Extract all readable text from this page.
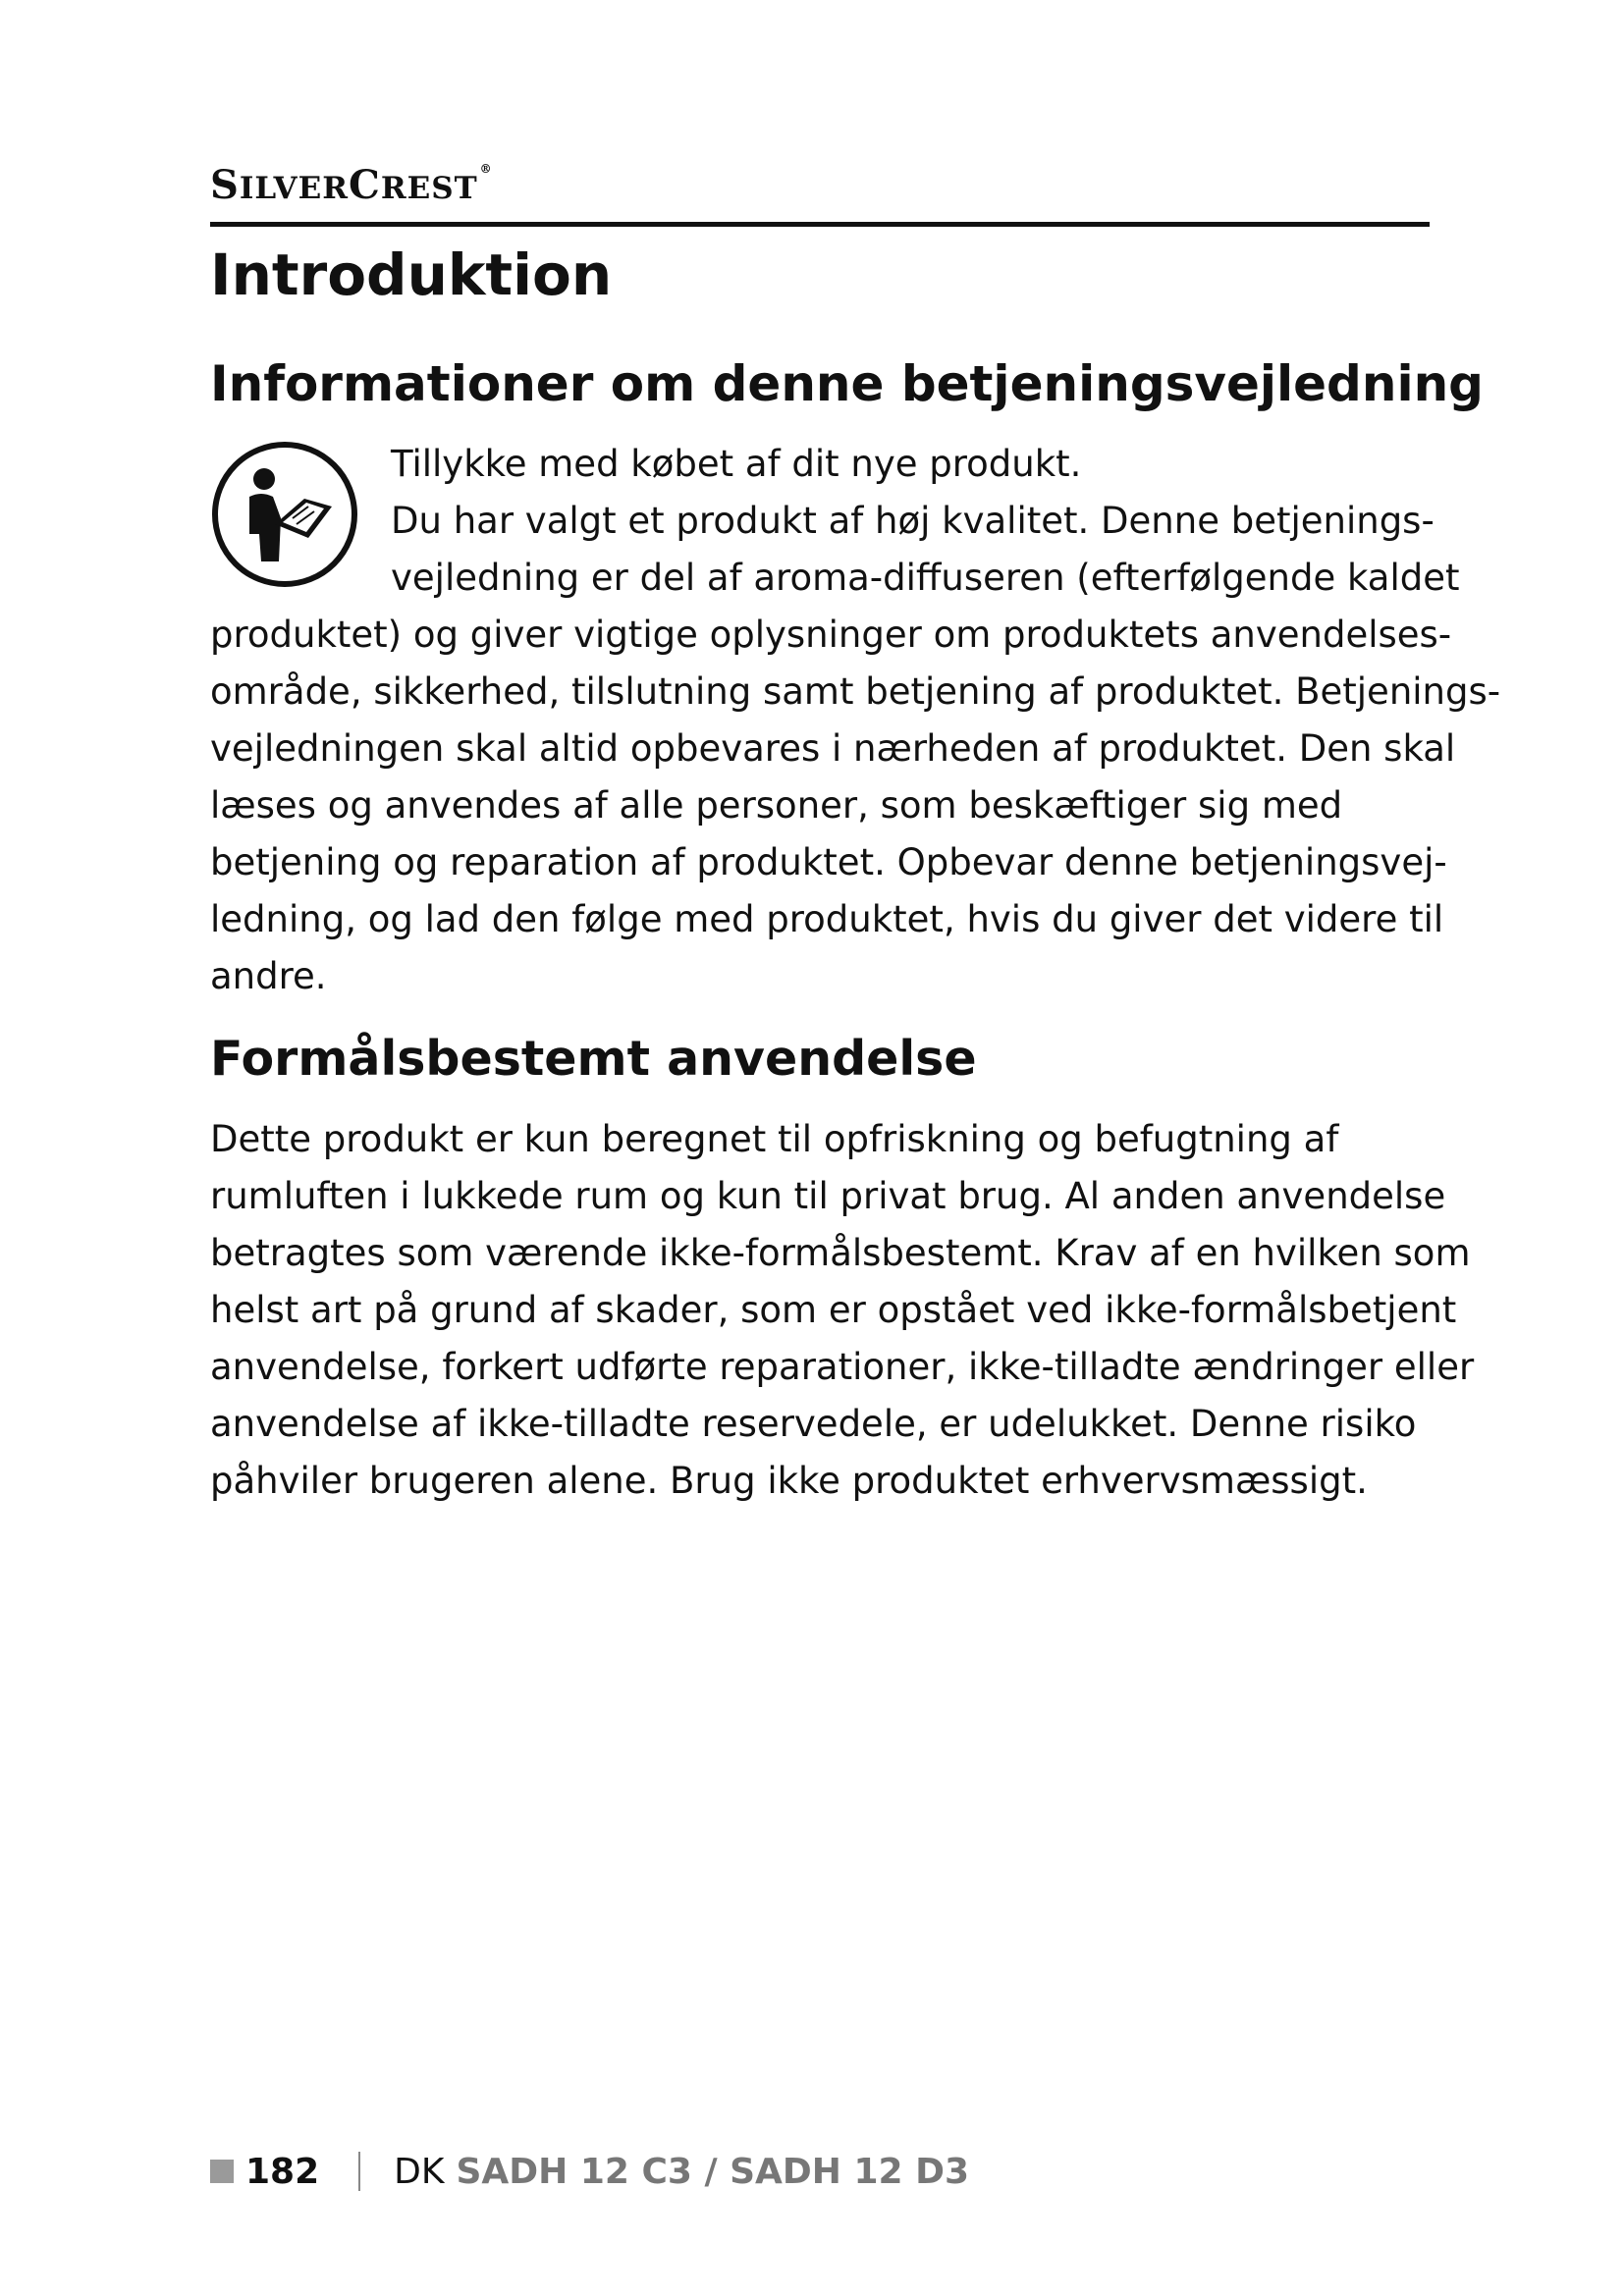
SILVERCREST®
Introduktion
Informationer om denne betjeningsvejledning
Tillykke med købet af dit nye produkt.
Du har valgt et produkt af høj kvalitet. Denne betjenings-
vejledning er del af aroma-diffuseren (efterfølgende kaldet
produktet) og giver vigtige oplysninger om produktets anvendelses-
område, sikkerhed, tilslutning samt betjening af produktet. Betjenings-
vejledningen skal altid opbevares i nærheden af produktet. Den skal
læses og anvendes af alle personer, som beskæftiger sig med
betjening og reparation af produktet. Opbevar denne betjeningsvej-
ledning, og lad den følge med produktet, hvis du giver det videre til
andre.
Formålsbestemt anvendelse
Dette produkt er kun beregnet til opfriskning og befugtning af
rumluften i lukkede rum og kun til privat brug. Al anden anvendelse
betragtes som værende ikke-formålsbestemt. Krav af en hvilken som
helst art på grund af skader, som er opstået ved ikke-formålsbetjent
anvendelse, forkert udførte reparationer, ikke-tilladte ændringer eller
anvendelse af ikke-tilladte reservedele, er udelukket. Denne risiko
påhviler brugeren alene. Brug ikke produktet erhvervsmæssigt.
182 DK SADH 12 C3 / SADH 12 D3
